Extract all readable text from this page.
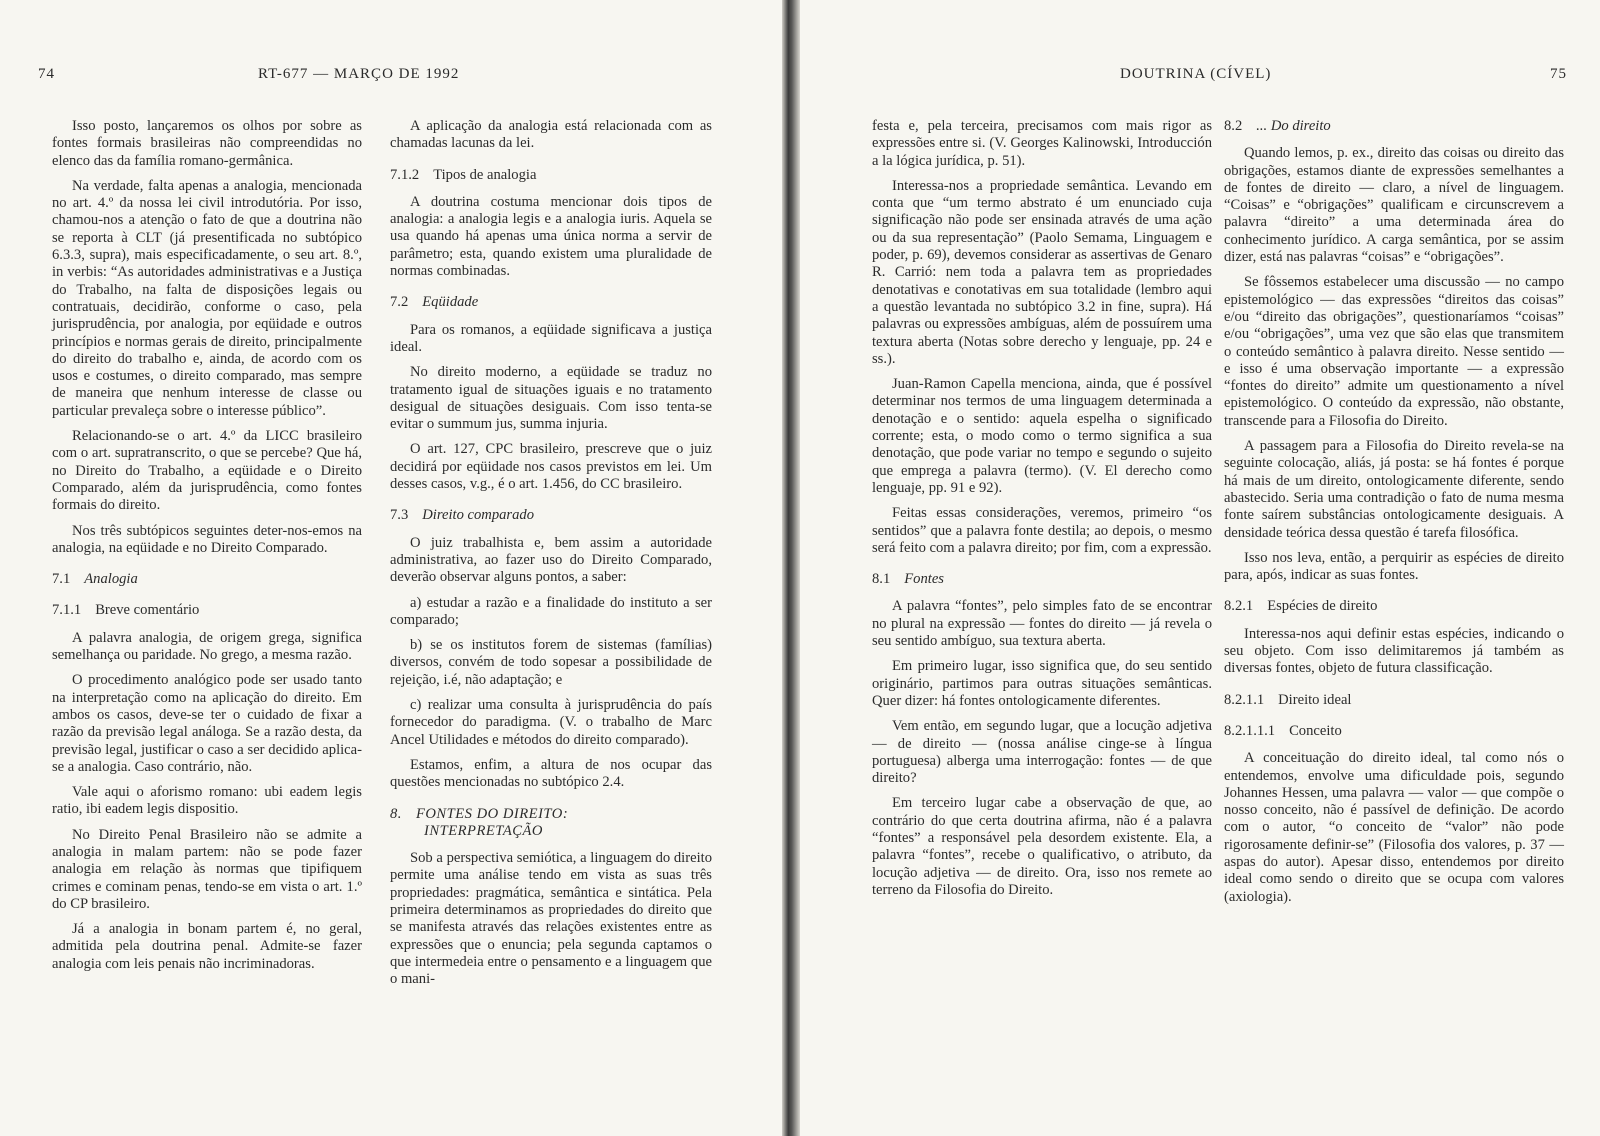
74	RT-677 — MARÇO DE 1992

Isso posto, lançaremos os olhos por sobre as fontes formais brasileiras não compreendidas no elenco das da família romano-germânica.

Na verdade, falta apenas a analogia, mencionada no art. 4.º da nossa lei civil introdutória. Por isso, chamou-nos a atenção o fato de que a doutrina não se reporta à CLT (já presentificada no subtópico 6.3.3, supra), mais especificadamente, o seu art. 8.º, in verbis: “As autoridades administrativas e a Justiça do Trabalho, na falta de disposições legais ou contratuais, decidirão, conforme o caso, pela jurisprudência, por analogia, por eqüidade e outros princípios e normas gerais de direito, principalmente do direito do trabalho e, ainda, de acordo com os usos e costumes, o direito comparado, mas sempre de maneira que nenhum interesse de classe ou particular prevaleça sobre o interesse público”.

Relacionando-se o art. 4.º da LICC brasileiro com o art. supratranscrito, o que se percebe? Que há, no Direito do Trabalho, a eqüidade e o Direito Comparado, além da jurisprudência, como fontes formais do direito.

Nos três subtópicos seguintes deter-nos-emos na analogia, na eqüidade e no Direito Comparado.

7.1 Analogia
7.1.1 Breve comentário

A palavra analogia, de origem grega, significa semelhança ou paridade. No grego, a mesma razão.

O procedimento analógico pode ser usado tanto na interpretação como na aplicação do direito. Em ambos os casos, deve-se ter o cuidado de fixar a razão da previsão legal análoga. Se a razão desta, da previsão legal, justificar o caso a ser decidido aplica-se a analogia. Caso contrário, não.

Vale aqui o aforismo romano: ubi eadem legis ratio, ibi eadem legis dispositio.

No Direito Penal Brasileiro não se admite a analogia in malam partem: não se pode fazer analogia em relação às normas que tipifiquem crimes e cominam penas, tendo-se em vista o art. 1.º do CP brasileiro.

Já a analogia in bonam partem é, no geral, admitida pela doutrina penal. Admite-se fazer analogia com leis penais não incriminadoras.

A aplicação da analogia está relacionada com as chamadas lacunas da lei.

7.1.2 Tipos de analogia

A doutrina costuma mencionar dois tipos de analogia: a analogia legis e a analogia iuris. Aquela se usa quando há apenas uma única norma a servir de parâmetro; esta, quando existem uma pluralidade de normas combinadas.

7.2 Eqüidade

Para os romanos, a eqüidade significava a justiça ideal.

No direito moderno, a eqüidade se traduz no tratamento igual de situações iguais e no tratamento desigual de situações desiguais. Com isso tenta-se evitar o summum jus, summa injuria.

O art. 127, CPC brasileiro, prescreve que o juiz decidirá por eqüidade nos casos previstos em lei. Um desses casos, v.g., é o art. 1.456, do CC brasileiro.

7.3 Direito comparado

O juiz trabalhista e, bem assim a autoridade administrativa, ao fazer uso do Direito Comparado, deverão observar alguns pontos, a saber:

a) estudar a razão e a finalidade do instituto a ser comparado;
b) se os institutos forem de sistemas (famílias) diversos, convém de todo sopesar a possibilidade de rejeição, i.é, não adaptação; e
c) realizar uma consulta à jurisprudência do país fornecedor do paradigma. (V. o trabalho de Marc Ancel Utilidades e métodos do direito comparado).

Estamos, enfim, a altura de nos ocupar das questões mencionadas no subtópico 2.4.

8. FONTES DO DIREITO:
INTERPRETAÇÃO

Sob a perspectiva semiótica, a linguagem do direito permite uma análise tendo em vista as suas três propriedades: pragmática, semântica e sintática. Pela primeira determinamos as propriedades do direito que se manifesta através das relações existentes entre as expressões que o enuncia; pela segunda captamos o que intermedeia entre o pensamento e a linguagem que o mani-

DOUTRINA (CÍVEL)	75

festa e, pela terceira, precisamos com mais rigor as expressões entre si. (V. Georges Kalinowski, Introducción a la lógica jurídica, p. 51).

Interessa-nos a propriedade semântica. Levando em conta que “um termo abstrato é um enunciado cuja significação não pode ser ensinada através de uma ação ou da sua representação” (Paolo Semama, Linguagem e poder, p. 69), devemos considerar as assertivas de Genaro R. Carrió: nem toda a palavra tem as propriedades denotativas e conotativas em sua totalidade (lembro aqui a questão levantada no subtópico 3.2 in fine, supra). Há palavras ou expressões ambíguas, além de possuírem uma textura aberta (Notas sobre derecho y lenguaje, pp. 24 e ss.).

Juan-Ramon Capella menciona, ainda, que é possível determinar nos termos de uma linguagem determinada a denotação e o sentido: aquela espelha o significado corrente; esta, o modo como o termo significa a sua denotação, que pode variar no tempo e segundo o sujeito que emprega a palavra (termo). (V. El derecho como lenguaje, pp. 91 e 92).

Feitas essas considerações, veremos, primeiro “os sentidos” que a palavra fonte destila; ao depois, o mesmo será feito com a palavra direito; por fim, com a expressão.

8.1 Fontes

A palavra “fontes”, pelo simples fato de se encontrar no plural na expressão — fontes do direito — já revela o seu sentido ambíguo, sua textura aberta.

Em primeiro lugar, isso significa que, do seu sentido originário, partimos para outras situações semânticas. Quer dizer: há fontes ontologicamente diferentes.

Vem então, em segundo lugar, que a locução adjetiva — de direito — (nossa análise cinge-se à língua portuguesa) alberga uma interrogação: fontes — de que direito?

Em terceiro lugar cabe a observação de que, ao contrário do que certa doutrina afirma, não é a palavra “fontes” a responsável pela desordem existente. Ela, a palavra “fontes”, recebe o qualificativo, o atributo, da locução adjetiva — de direito. Ora, isso nos remete ao terreno da Filosofia do Direito.

8.2 ... Do direito

Quando lemos, p. ex., direito das coisas ou direito das obrigações, estamos diante de expressões semelhantes a de fontes de direito — claro, a nível de linguagem. “Coisas” e “obrigações” qualificam e circunscrevem a palavra “direito” a uma determinada área do conhecimento jurídico. A carga semântica, por se assim dizer, está nas palavras “coisas” e “obrigações”.

Se fôssemos estabelecer uma discussão — no campo epistemológico — das expressões “direitos das coisas” e/ou “direito das obrigações”, questionaríamos “coisas” e/ou “obrigações”, uma vez que são elas que transmitem o conteúdo semântico à palavra direito. Nesse sentido — e isso é uma observação importante — a expressão “fontes do direito” admite um questionamento a nível epistemológico. O conteúdo da expressão, não obstante, transcende para a Filosofia do Direito.

A passagem para a Filosofia do Direito revela-se na seguinte colocação, aliás, já posta: se há fontes é porque há mais de um direito, ontologicamente diferente, sendo abastecido. Seria uma contradição o fato de numa mesma fonte saírem substâncias ontologicamente desiguais. A densidade teórica dessa questão é tarefa filosófica.

Isso nos leva, então, a perquirir as espécies de direito para, após, indicar as suas fontes.

8.2.1 Espécies de direito

Interessa-nos aqui definir estas espécies, indicando o seu objeto. Com isso delimitaremos já também as diversas fontes, objeto de futura classificação.

8.2.1.1 Direito ideal
8.2.1.1.1 Conceito

A conceituação do direito ideal, tal como nós o entendemos, envolve uma dificuldade pois, segundo Johannes Hessen, uma palavra — valor — que compõe o nosso conceito, não é passível de definição. De acordo com o autor, “o conceito de “valor” não pode rigorosamente definir-se” (Filosofia dos valores, p. 37 — aspas do autor). Apesar disso, entendemos por direito ideal como sendo o direito que se ocupa com valores (axiologia).
